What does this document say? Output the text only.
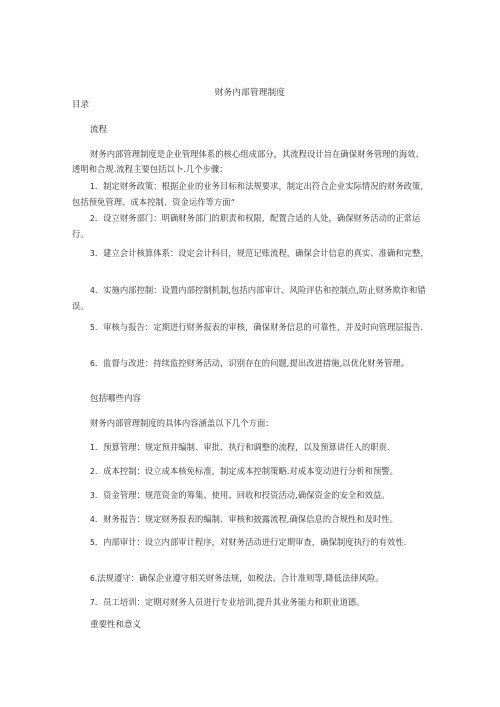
财务内部管理制度
目录
流程

财务内部管理制度是企业管理体系的核心组成部分，其流程设计旨在确保财务管理的海效、透明和合规.流程主要包括以卜.几个步骤：

1．制定财务政策：根据企业的业务目标和法规要求，制定出符合企业实际情况的财务政策，包括预免管理、成本控制、资金运作等方面“

2．设立财务部门：明确财务部门的职责和权限，配置合适的人处，确保财务活动的正常运行。

3．建立会计核算体系：设定会计科目，规范记账流程，确保会计信息的真实、准确和完整，

4．实施内部控制：设置内部控制机制,包括内部审计、风险评估和控制点,防止财务欺诈和错误。

5．审核与报告：定期进行财务报表的审核，确保财务信息的可靠性，并及时向管理层报告.

6．监督与改进：持续监控财务活动，识别存在的问题,提出改进措施,以优化财务管理。

包括哪些内容

财务内部管理制度的具体内容涵盖以下几个方面：

1．预算管理：规定预并编制、审批、执行和调整的流程，以及预算讲任人的职贵.

2．成本控制：设立成本核免标准，制定成本控制策略.对成本变动进行分析和预警。

3．资金管理：规范资金的筹集、使用、回收和投资活动,确保资金的安全和效益。

4．财务报告：规定财务报表的编制、审核和披露流程,确保信息的合规性和及时性。

5．内部审计：设立内部审计程序，对财务活动进行定期审查，确保制度执行的有效性.

6.法规遵守：确保企业遵守相关财务法规，如税法、合计准则等,降低法律风险。

7．员工培训：定期对财务人员进行专业培训,提升其业务能力和职业道德。

重要性和意义
